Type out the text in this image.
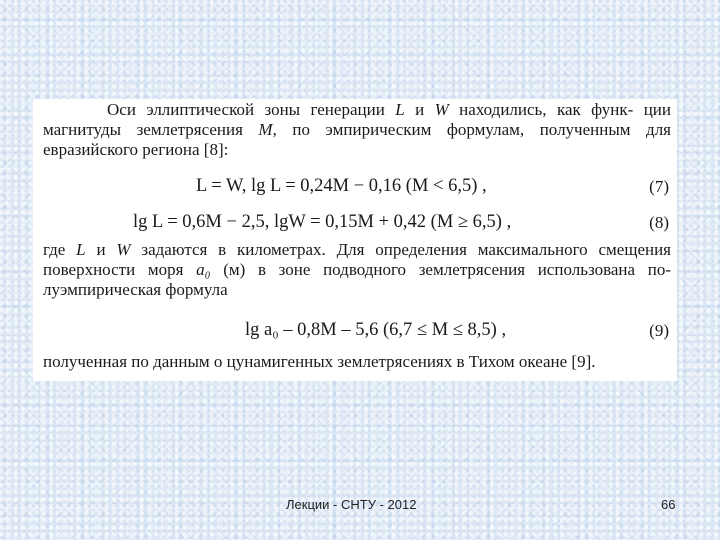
Оси эллиптической зоны генерации L и W находились, как функ- ции магнитуды землетрясения M, по эмпирическим формулам, полученным для евразийского региона [8]:

L = W, lg L = 0,24M − 0,16 (M < 6,5) ,	(7)
lg L = 0,6M − 2,5, lgW = 0,15M + 0,42 (M ≥ 6,5) ,	(8)

где L и W задаются в километрах. Для определения максимального смещения поверхности моря a₀ (м) в зоне подводного землетрясения использована по- луэмпирическая формула

lg a₀ – 0,8M – 5,6 (6,7 ≤ M ≤ 8,5) ,	(9)

полученная по данным о цунамигенных землетрясениях в Тихом океане [9].

Лекции - СНТУ - 2012	66
